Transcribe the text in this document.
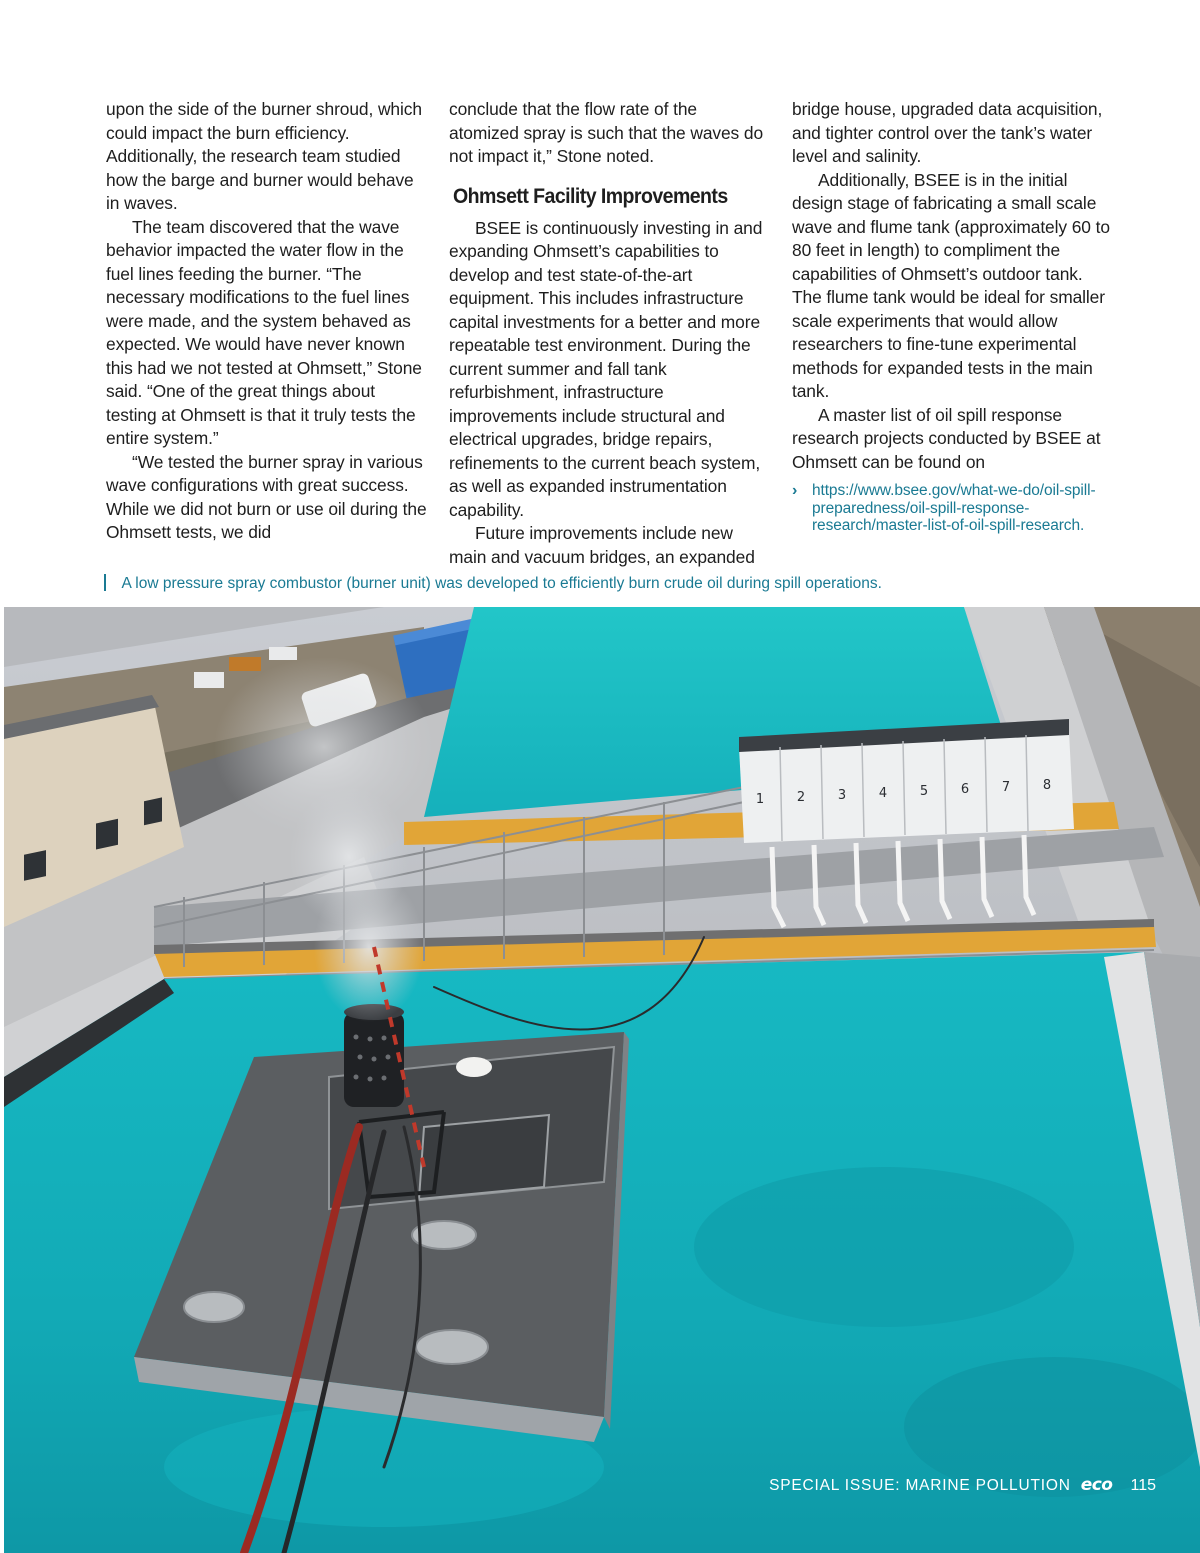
upon the side of the burner shroud, which could impact the burn efficiency. Additionally, the research team studied how the barge and burner would behave in waves.

The team discovered that the wave behavior impacted the water flow in the fuel lines feeding the burner. “The necessary modifications to the fuel lines were made, and the system behaved as expected. We would have never known this had we not tested at Ohmsett,” Stone said. “One of the great things about testing at Ohmsett is that it truly tests the entire system.”

“We tested the burner spray in various wave configurations with great success. While we did not burn or use oil during the Ohmsett tests, we did

conclude that the flow rate of the atomized spray is such that the waves do not impact it,” Stone noted.

Ohmsett Facility Improvements

BSEE is continuously investing in and expanding Ohmsett’s capabilities to develop and test state-of-the-art equipment. This includes infrastructure capital investments for a better and more repeatable test environment. During the current summer and fall tank refurbishment, infrastructure improvements include structural and electrical upgrades, bridge repairs, refinements to the current beach system, as well as expanded instrumentation capability.

Future improvements include new main and vacuum bridges, an expanded

bridge house, upgraded data acquisition, and tighter control over the tank’s water level and salinity.

Additionally, BSEE is in the initial design stage of fabricating a small scale wave and flume tank (approximately 60 to 80 feet in length) to compliment the capabilities of Ohmsett’s outdoor tank. The flume tank would be ideal for smaller scale experiments that would allow researchers to fine-tune experimental methods for expanded tests in the main tank.

A master list of oil spill response research projects conducted by BSEE at Ohmsett can be found on

› https://www.bsee.gov/what-we-do/oil-spill-preparedness/oil-spill-response-research/master-list-of-oil-spill-research.

A low pressure spray combustor (burner unit) was developed to efficiently burn crude oil during spill operations.
1	2	3	4	5	6	7	8
SPECIAL ISSUE: MARINE POLLUTION eco 115
